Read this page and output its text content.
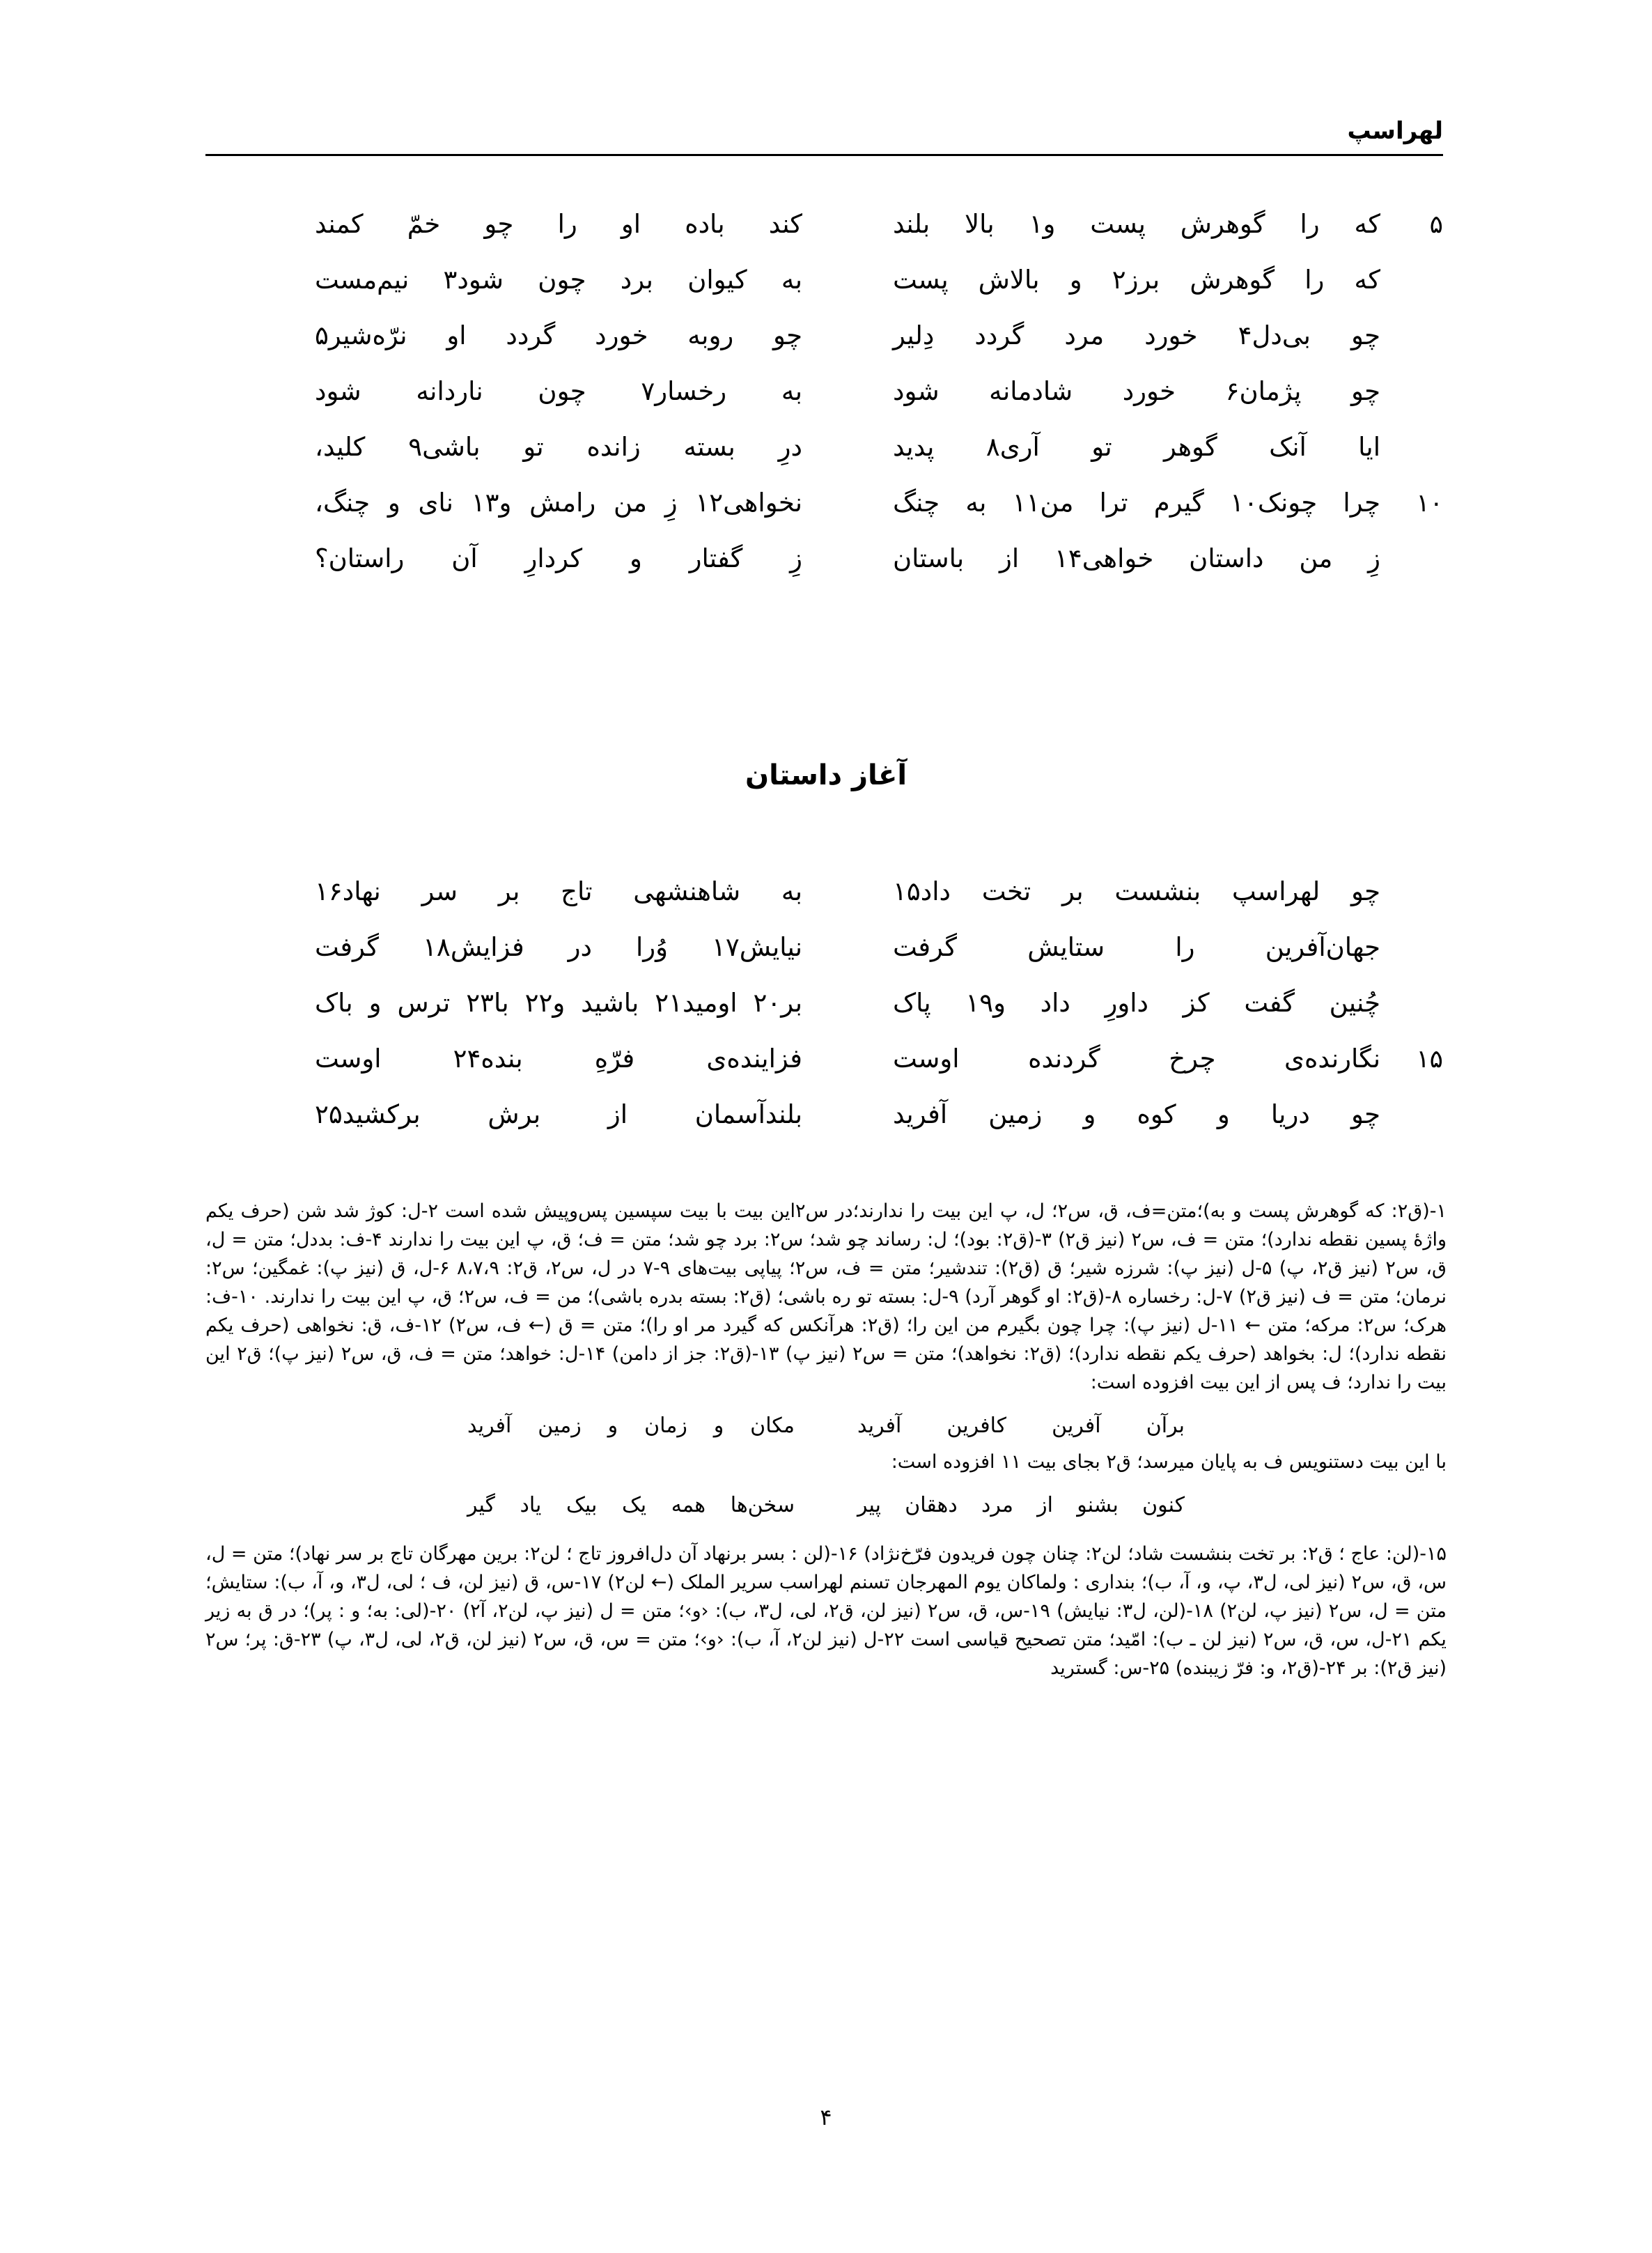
لهراسپ
۵
که را گوهرش پست و۱ بالا بلند
کند باده او را چو خمّ کمند
که را گوهرش برز۲ و بالاش پست
به کیوان برد چون شود۳ نیم‌مست
چو بی‌دل۴ خورد مرد گردد دِلیر
چو روبه خورد گردد او نرّه‌شیر۵
چو پژمان۶ خورد شادمانه شود
به رخسار۷ چون ناردانه شود
ایا آنک گوهر تو آری۸ پدید
درِ بسته زانده تو باشی۹ کلید،
۱۰
چرا چونک۱۰ گیرم ترا من۱۱ به چنگ
نخواهی۱۲ زِ من رامش و۱۳ نای و چنگ،
زِ من داستان خواهی۱۴ از باستان
زِ گفتار و کردارِ آن راستان؟
آغاز داستان
چو لهراسپ بنشست بر تخت داد۱۵
به شاهنشهی تاج بر سر نهاد۱۶
جهان‌آفرین را ستایش گرفت
نیایش۱۷ وُرا در فزایش۱۸ گرفت
چُنین گفت کز داورِ داد و۱۹ پاک
بر۲۰ اومید۲۱ باشید و۲۲ با۲۳ ترس و باک
۱۵
نگارنده‌ی چرخ گردنده اوست
فزاینده‌ی فرّهِ بنده۲۴ اوست
چو دریا و کوه و زمین آفرید
بلندآسمان از برش برکشید۲۵

۱-(ق۲: که گوهرش پست و به)؛متن=ف، ق، س۲؛ ل، پ این بیت را ندارند؛در س۲این بیت با بیت سپسین پس‌وپیش شده است ۲-ل: کوژ شد شن (حرف یکم واژهٔ پسین نقطه ندارد)؛ متن = ف، س۲ (نیز ق۲) ۳-(ق۲: بود)؛ ل: رساند چو شد؛ س۲: برد چو شد؛ متن = ف؛ ق، پ این بیت را ندارند ۴-ف: بددل؛ متن = ل، ق، س۲ (نیز ق۲، پ) ۵-ل (نیز پ): شرزه شیر؛ ق (ق۲): تندشیر؛ متن = ف، س۲؛ پیاپی بیت‌های ۹-۷ در ل، س۲، ق۲: ۸،۷،۹ ۶-ل، ق (نیز پ): غمگین؛ س۲: نرمان؛ متن = ف (نیز ق۲) ۷-ل: رخساره ۸-(ق۲: او گوهر آرد) ۹-ل: بسته تو ره باشی؛ (ق۲: بسته بدره باشی)؛ من = ف، س۲؛ ق، پ این بیت را ندارند. ۱۰-ف: هرک؛ س۲: مرکه؛ متن ← ۱۱-ل (نیز پ): چرا چون بگیرم من این را؛ (ق۲: هرآنکس که گیرد مر او را)؛ متن = ق (← ف، س۲) ۱۲-ف، ق: نخواهی (حرف یکم نقطه ندارد)؛ ل: بخواهد (حرف یکم نقطه ندارد)؛ (ق۲: نخواهد)؛ متن = س۲ (نیز پ) ۱۳-(ق۲: جز از دامن) ۱۴-ل: خواهد؛ متن = ف، ق، س۲ (نیز پ)؛ ق۲ این بیت را ندارد؛ ف پس از این بیت افزوده است:

برآن آفرین کافرین آفرید
مکان و زمان و زمین آفرید

با این بیت دستنویس ف به پایان میرسد؛ ق۲ بجای بیت ۱۱ افزوده است:

کنون بشنو از مرد دهقان پیر
سخن‌ها همه یک بیک یاد گیر

۱۵-(لن: عاج ؛ ق۲: بر تخت بنشست شاد؛ لن۲: چنان چون فریدون فرّخ‌نژاد) ۱۶-(لن : بسر برنهاد آن دل‌افروز تاج ؛ لن۲: برین مهرگان تاج بر سر نهاد)؛ متن = ل، س، ق، س۲ (نیز لی، ل۳، پ، و، آ، ب)؛ بنداری : ولماکان یوم المهرجان تسنم لهراسب سریر الملک (← لن۲) ۱۷-س، ق (نیز لن، ف ؛ لی، ل۳، و، آ، ب): ستایش؛ متن = ل، س۲ (نیز پ، لن۲) ۱۸-(لن، ل۳: نیایش) ۱۹-س، ق، س۲ (نیز لن، ق۲، لی، ل۳، ب): ‹و›؛ متن = ل (نیز پ، لن۲، آ۲) ۲۰-(لی: به؛ و : پر)؛ در ق به زیر یکم ۲۱-ل، س، ق، س۲ (نیز لن ـ ب): امّید؛ متن تصحیح قیاسی است ۲۲-ل (نیز لن۲، آ، ب): ‹و›؛ متن = س، ق، س۲ (نیز لن، ق۲، لی، ل۳، پ) ۲۳-ق: پر؛ س۲ (نیز ق۲): بر ۲۴-(ق۲، و: فرّ زیبنده) ۲۵-س: گسترید

۴
